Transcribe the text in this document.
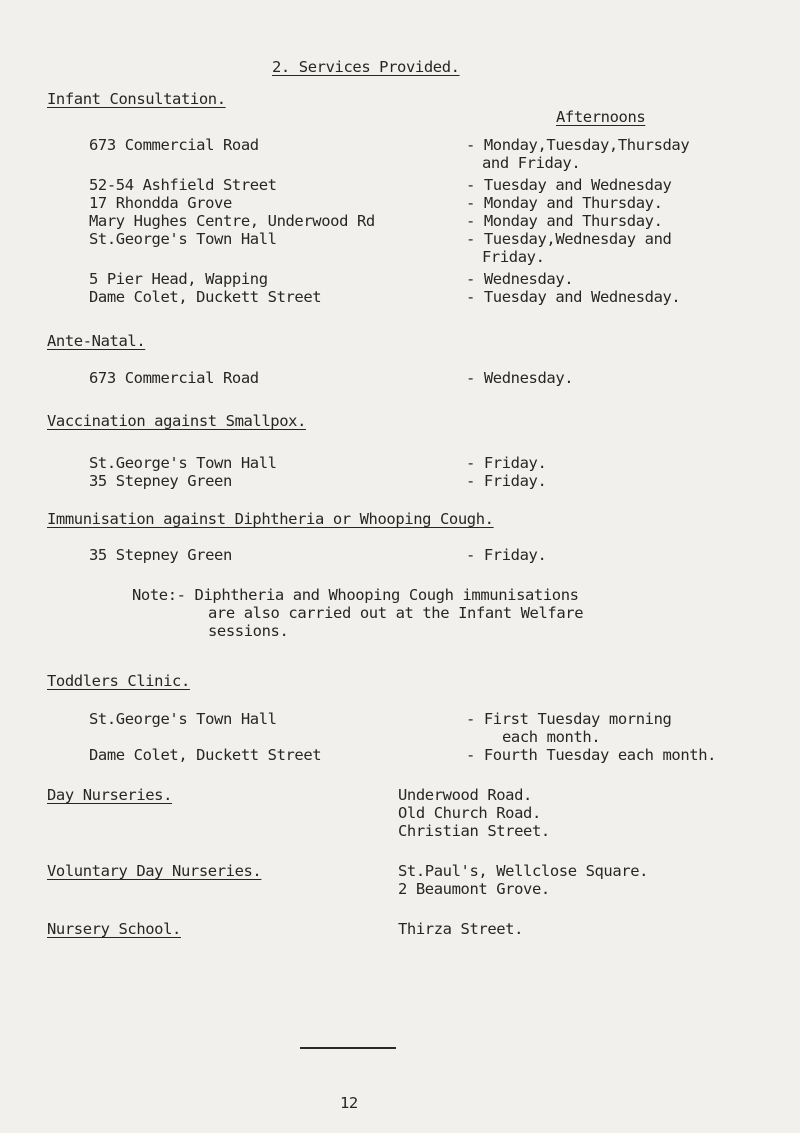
2. Services Provided.
Infant Consultation.
Afternoons
673 Commercial Road	- Monday,Tuesday,Thursday
and Friday.
52-54 Ashfield Street	- Tuesday and Wednesday
17 Rhondda Grove	- Monday and Thursday.
Mary Hughes Centre, Underwood Rd	- Monday and Thursday.
St.George's Town Hall	- Tuesday,Wednesday and
Friday.
5 Pier Head, Wapping	- Wednesday.
Dame Colet, Duckett Street	- Tuesday and Wednesday.
Ante-Natal.
673 Commercial Road	- Wednesday.
Vaccination against Smallpox.
St.George's Town Hall	- Friday.
35 Stepney Green	- Friday.
Immunisation against Diphtheria or Whooping Cough.
35 Stepney Green	- Friday.
Note:- Diphtheria and Whooping Cough immunisations
are also carried out at the Infant Welfare
sessions.
Toddlers Clinic.
St.George's Town Hall	- First Tuesday morning
each month.
Dame Colet, Duckett Street	- Fourth Tuesday each month.
Day Nurseries.	Underwood Road.
Old Church Road.
Christian Street.
Voluntary Day Nurseries.	St.Paul's, Wellclose Square.
2 Beaumont Grove.
Nursery School.	Thirza Street.
12
